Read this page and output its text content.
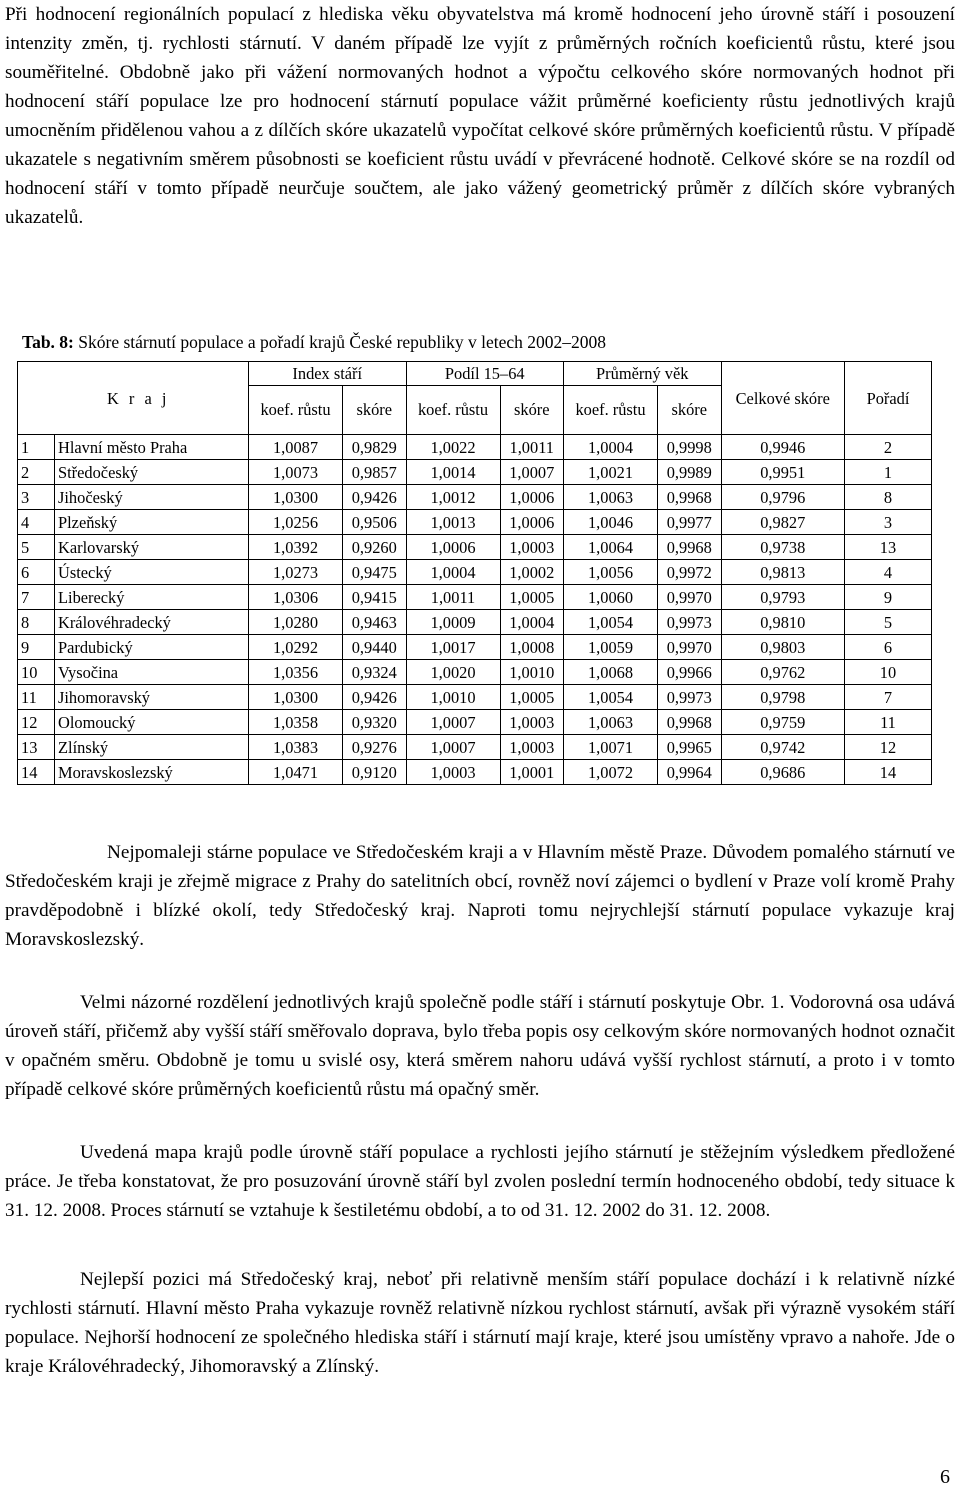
Při hodnocení regionálních populací z hlediska věku obyvatelstva má kromě hodnocení jeho úrovně stáří i posouzení intenzity změn, tj. rychlosti stárnutí. V daném případě lze vyjít z průměrných ročních koeficientů růstu, které jsou souměřitelné. Obdobně jako při vážení normovaných hodnot a výpočtu celkového skóre normovaných hodnot při hodnocení stáří populace lze pro hodnocení stárnutí populace vážit průměrné koeficienty růstu jednotlivých krajů umocněním přidělenou vahou a z dílčích skóre ukazatelů vypočítat celkové skóre průměrných koeficientů růstu. V případě ukazatele s negativním směrem působnosti se koeficient růstu uvádí v převrácené hodnotě. Celkové skóre se na rozdíl od hodnocení stáří v tomto případě neurčuje součtem, ale jako vážený geometrický průměr z dílčích skóre vybraných ukazatelů.

Tab. 8: Skóre stárnutí populace a pořadí krajů České republiky v letech 2002–2008
K r a j		Index stáří		Podíl 15–64		Průměrný věk		Celkové skóre	Pořadí
		koef. růstu	skóre	koef. růstu	skóre	koef. růstu	skóre		
1	Hlavní město Praha	1,0087	0,9829	1,0022	1,0011	1,0004	0,9998	0,9946	2
2	Středočeský	1,0073	0,9857	1,0014	1,0007	1,0021	0,9989	0,9951	1
3	Jihočeský	1,0300	0,9426	1,0012	1,0006	1,0063	0,9968	0,9796	8
4	Plzeňský	1,0256	0,9506	1,0013	1,0006	1,0046	0,9977	0,9827	3
5	Karlovarský	1,0392	0,9260	1,0006	1,0003	1,0064	0,9968	0,9738	13
6	Ústecký	1,0273	0,9475	1,0004	1,0002	1,0056	0,9972	0,9813	4
7	Liberecký	1,0306	0,9415	1,0011	1,0005	1,0060	0,9970	0,9793	9
8	Královéhradecký	1,0280	0,9463	1,0009	1,0004	1,0054	0,9973	0,9810	5
9	Pardubický	1,0292	0,9440	1,0017	1,0008	1,0059	0,9970	0,9803	6
10	Vysočina	1,0356	0,9324	1,0020	1,0010	1,0068	0,9966	0,9762	10
11	Jihomoravský	1,0300	0,9426	1,0010	1,0005	1,0054	0,9973	0,9798	7
12	Olomoucký	1,0358	0,9320	1,0007	1,0003	1,0063	0,9968	0,9759	11
13	Zlínský	1,0383	0,9276	1,0007	1,0003	1,0071	0,9965	0,9742	12
14	Moravskoslezský	1,0471	0,9120	1,0003	1,0001	1,0072	0,9964	0,9686	14

Nejpomaleji stárne populace ve Středočeském kraji a v Hlavním městě Praze. Důvodem pomalého stárnutí ve Středočeském kraji je zřejmě migrace z Prahy do satelitních obcí, rovněž noví zájemci o bydlení v Praze volí kromě Prahy pravděpodobně i blízké okolí, tedy Středočeský kraj. Naproti tomu nejrychlejší stárnutí populace vykazuje kraj Moravskoslezský.

Velmi názorné rozdělení jednotlivých krajů společně podle stáří i stárnutí poskytuje Obr. 1. Vodorovná osa udává úroveň stáří, přičemž aby vyšší stáří směřovalo doprava, bylo třeba popis osy celkovým skóre normovaných hodnot označit v opačném směru. Obdobně je tomu u svislé osy, která směrem nahoru udává vyšší rychlost stárnutí, a proto i v tomto případě celkové skóre průměrných koeficientů růstu má opačný směr.

Uvedená mapa krajů podle úrovně stáří populace a rychlosti jejího stárnutí je stěžejním výsledkem předložené práce. Je třeba konstatovat, že pro posuzování úrovně stáří byl zvolen poslední termín hodnoceného období, tedy situace k 31. 12. 2008. Proces stárnutí se vztahuje k šestiletému období, a to od 31. 12. 2002 do 31. 12. 2008.

Nejlepší pozici má Středočeský kraj, neboť při relativně menším stáří populace dochází i k relativně nízké rychlosti stárnutí. Hlavní město Praha vykazuje rovněž relativně nízkou rychlost stárnutí, avšak při výrazně vysokém stáří populace. Nejhorší hodnocení ze společného hlediska stáří i stárnutí mají kraje, které jsou umístěny vpravo a nahoře. Jde o kraje Královéhradecký, Jihomoravský a Zlínský.

6
